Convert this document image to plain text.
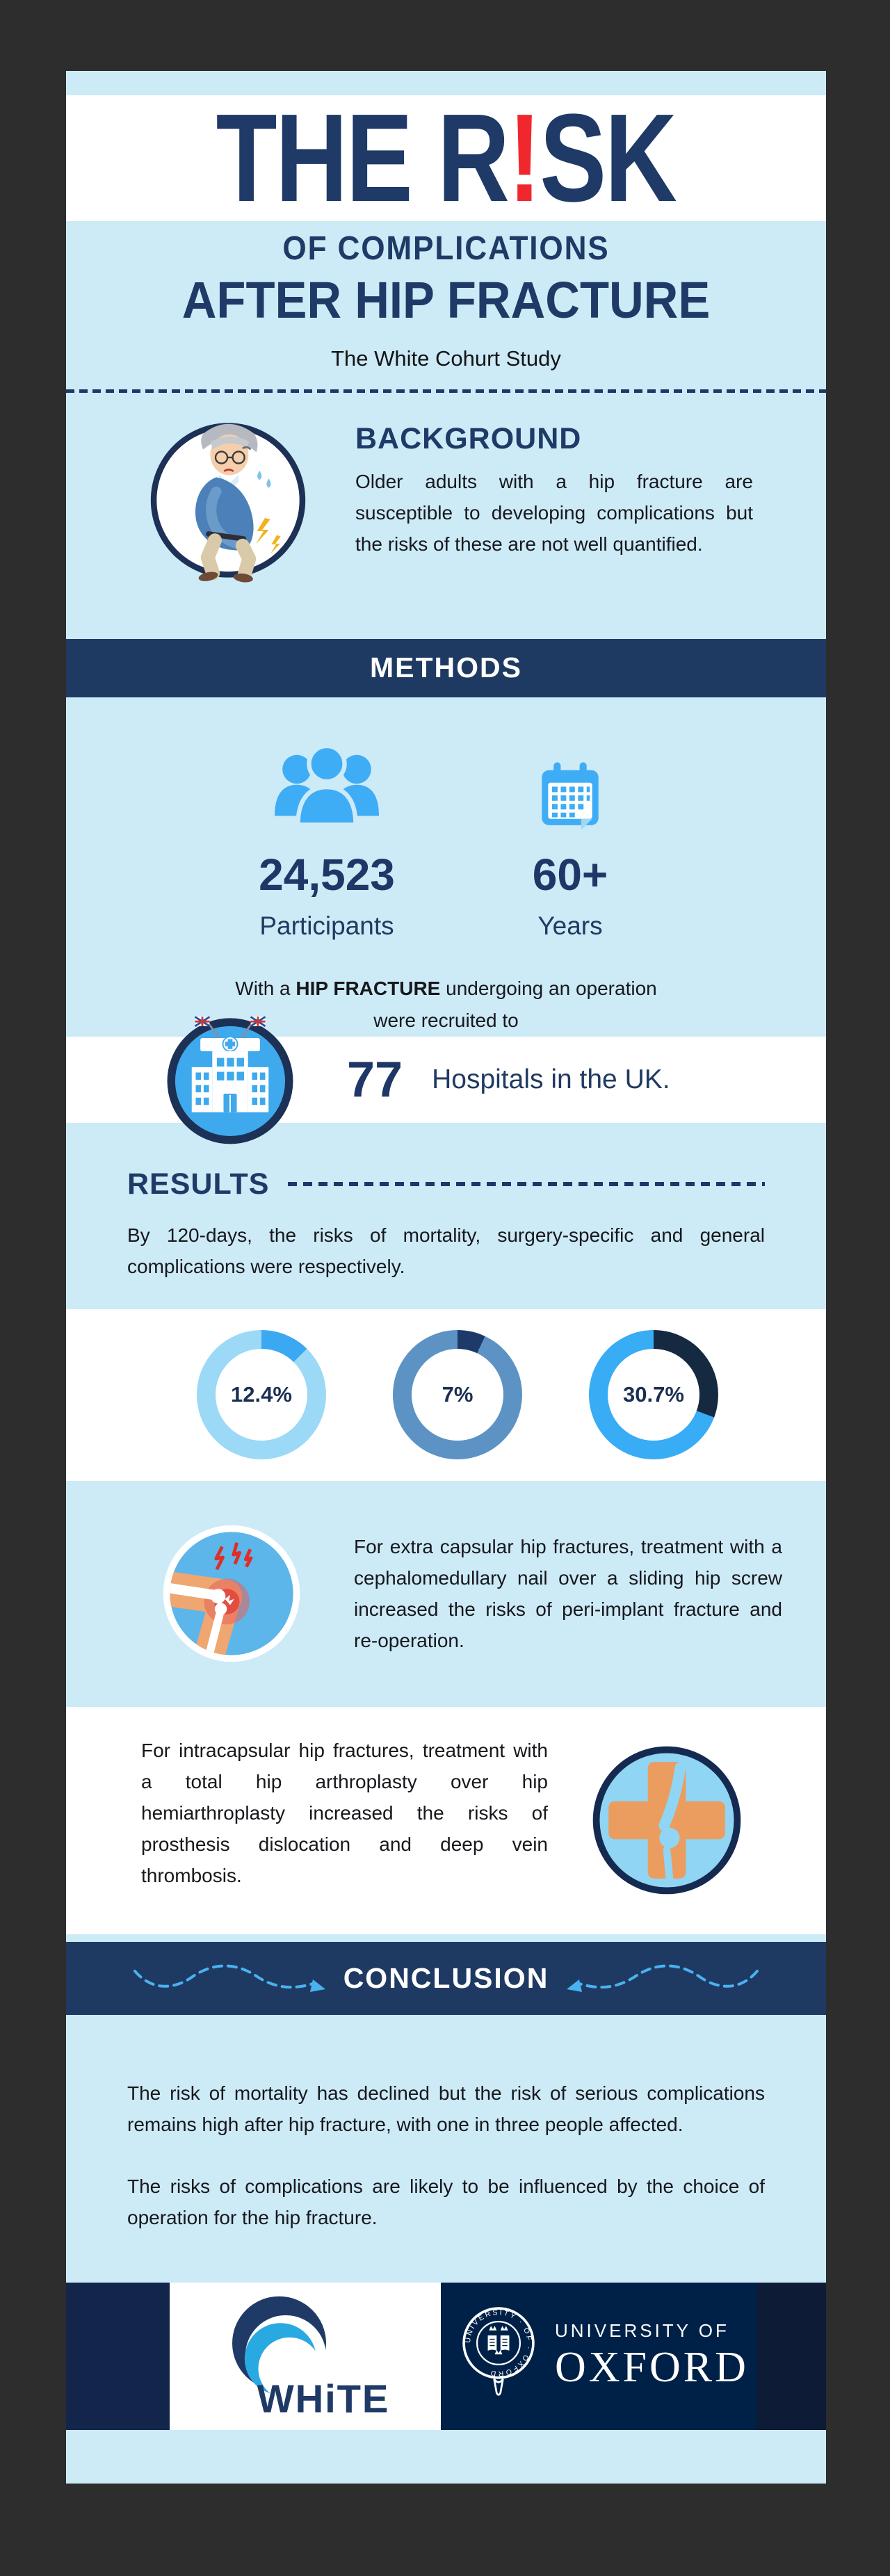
THE R!SK
OF COMPLICATIONS
AFTER HIP FRACTURE
The White Cohurt Study
BACKGROUND
Older adults with a hip fracture are susceptible to developing complications but the risks of these are not well quantified.
METHODS
24,523
Participants
60+
Years
With a HIP FRACTURE undergoing an operation
were recruited to
77 Hospitals in the UK.
RESULTS
By 120-days, the risks of mortality, surgery-specific and general complications were respectively.
12.4%	7%	30.7%
For extra capsular hip fractures, treatment with a cephalomedullary nail over a sliding hip screw increased the risks of peri-implant fracture and re-operation.
For intracapsular hip fractures, treatment with a total hip arthroplasty over hip hemiarthroplasty increased the risks of prosthesis dislocation and deep vein thrombosis.
CONCLUSION
The risk of mortality has declined but the risk of serious complications remains high after hip fracture, with one in three people affected.
The risks of complications are likely to be influenced by the choice of operation for the hip fracture.
WHiTE
UNIVERSITY · OF · OXFORD
UNIVERSITY OF
OXFORD
